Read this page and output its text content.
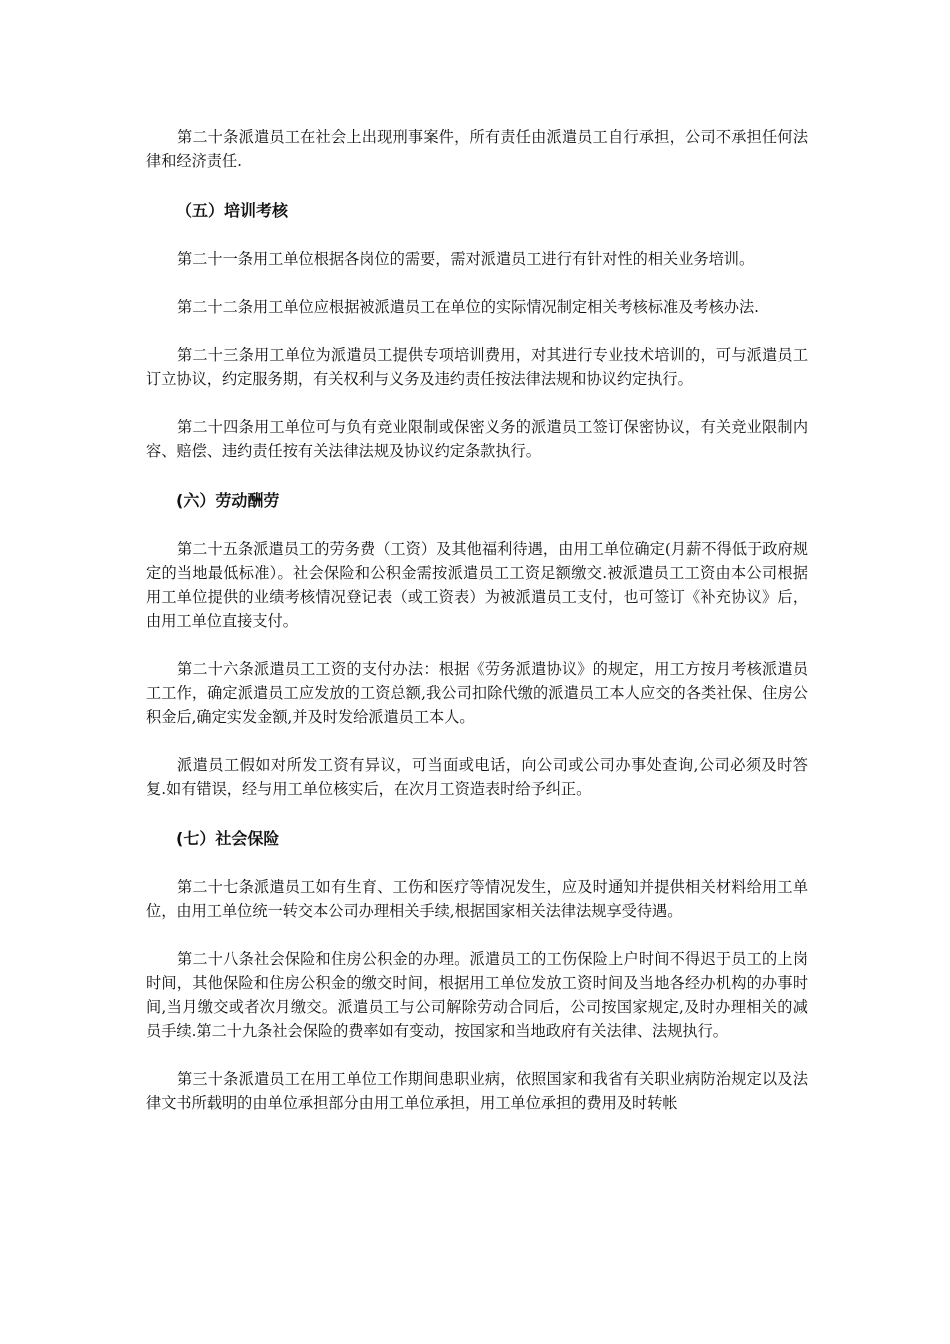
第二十条派遣员工在社会上出现刑事案件，所有责任由派遣员工自行承担，公司不承担任何法律和经济责任.

（五）培训考核

第二十一条用工单位根据各岗位的需要，需对派遣员工进行有针对性的相关业务培训。

第二十二条用工单位应根据被派遣员工在单位的实际情况制定相关考核标准及考核办法.

第二十三条用工单位为派遣员工提供专项培训费用，对其进行专业技术培训的，可与派遣员工订立协议，约定服务期，有关权利与义务及违约责任按法律法规和协议约定执行。

第二十四条用工单位可与负有竞业限制或保密义务的派遣员工签订保密协议，有关竞业限制内容、赔偿、违约责任按有关法律法规及协议约定条款执行。

(六）劳动酬劳

第二十五条派遣员工的劳务费（工资）及其他福利待遇，由用工单位确定(月薪不得低于政府规定的当地最低标准）。社会保险和公积金需按派遣员工工资足额缴交.被派遣员工工资由本公司根据用工单位提供的业绩考核情况登记表（或工资表）为被派遣员工支付，也可签订《补充协议》后，由用工单位直接支付。

第二十六条派遣员工工资的支付办法：根据《劳务派遣协议》的规定，用工方按月考核派遣员工工作，确定派遣员工应发放的工资总额,我公司扣除代缴的派遣员工本人应交的各类社保、住房公积金后,确定实发金额,并及时发给派遣员工本人。

派遣员工假如对所发工资有异议，可当面或电话，向公司或公司办事处查询,公司必须及时答复.如有错误，经与用工单位核实后，在次月工资造表时给予纠正。

(七）社会保险

第二十七条派遣员工如有生育、工伤和医疗等情况发生，应及时通知并提供相关材料给用工单位，由用工单位统一转交本公司办理相关手续,根据国家相关法律法规享受待遇。

第二十八条社会保险和住房公积金的办理。派遣员工的工伤保险上户时间不得迟于员工的上岗时间，其他保险和住房公积金的缴交时间，根据用工单位发放工资时间及当地各经办机构的办事时间,当月缴交或者次月缴交。派遣员工与公司解除劳动合同后，公司按国家规定,及时办理相关的减员手续.第二十九条社会保险的费率如有变动，按国家和当地政府有关法律、法规执行。

第三十条派遣员工在用工单位工作期间患职业病，依照国家和我省有关职业病防治规定以及法律文书所载明的由单位承担部分由用工单位承担，用工单位承担的费用及时转帐
